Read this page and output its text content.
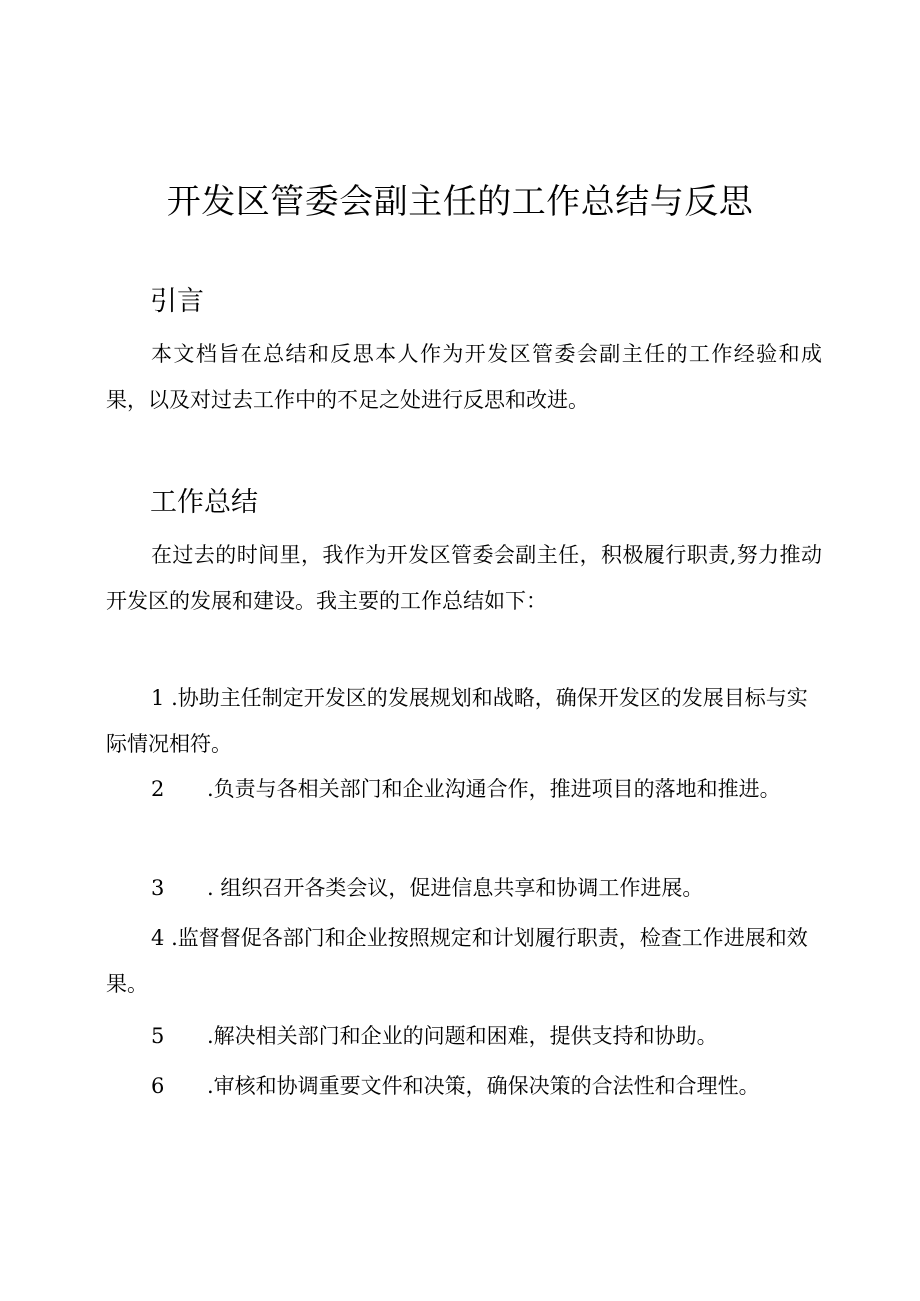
开发区管委会副主任的工作总结与反思
引言

本文档旨在总结和反思本人作为开发区管委会副主任的工作经验和成果，以及对过去工作中的不足之处进行反思和改进。

工作总结

在过去的时间里，我作为开发区管委会副主任，积极履行职责,努力推动开发区的发展和建设。我主要的工作总结如下：

1 .协助主任制定开发区的发展规划和战略，确保开发区的发展目标与实际情况相符。

2 .负责与各相关部门和企业沟通合作，推进项目的落地和推进。

3 . 组织召开各类会议，促进信息共享和协调工作进展。

4 .监督督促各部门和企业按照规定和计划履行职责，检查工作进展和效果。

5 .解决相关部门和企业的问题和困难，提供支持和协助。

6 .审核和协调重要文件和决策，确保决策的合法性和合理性。
